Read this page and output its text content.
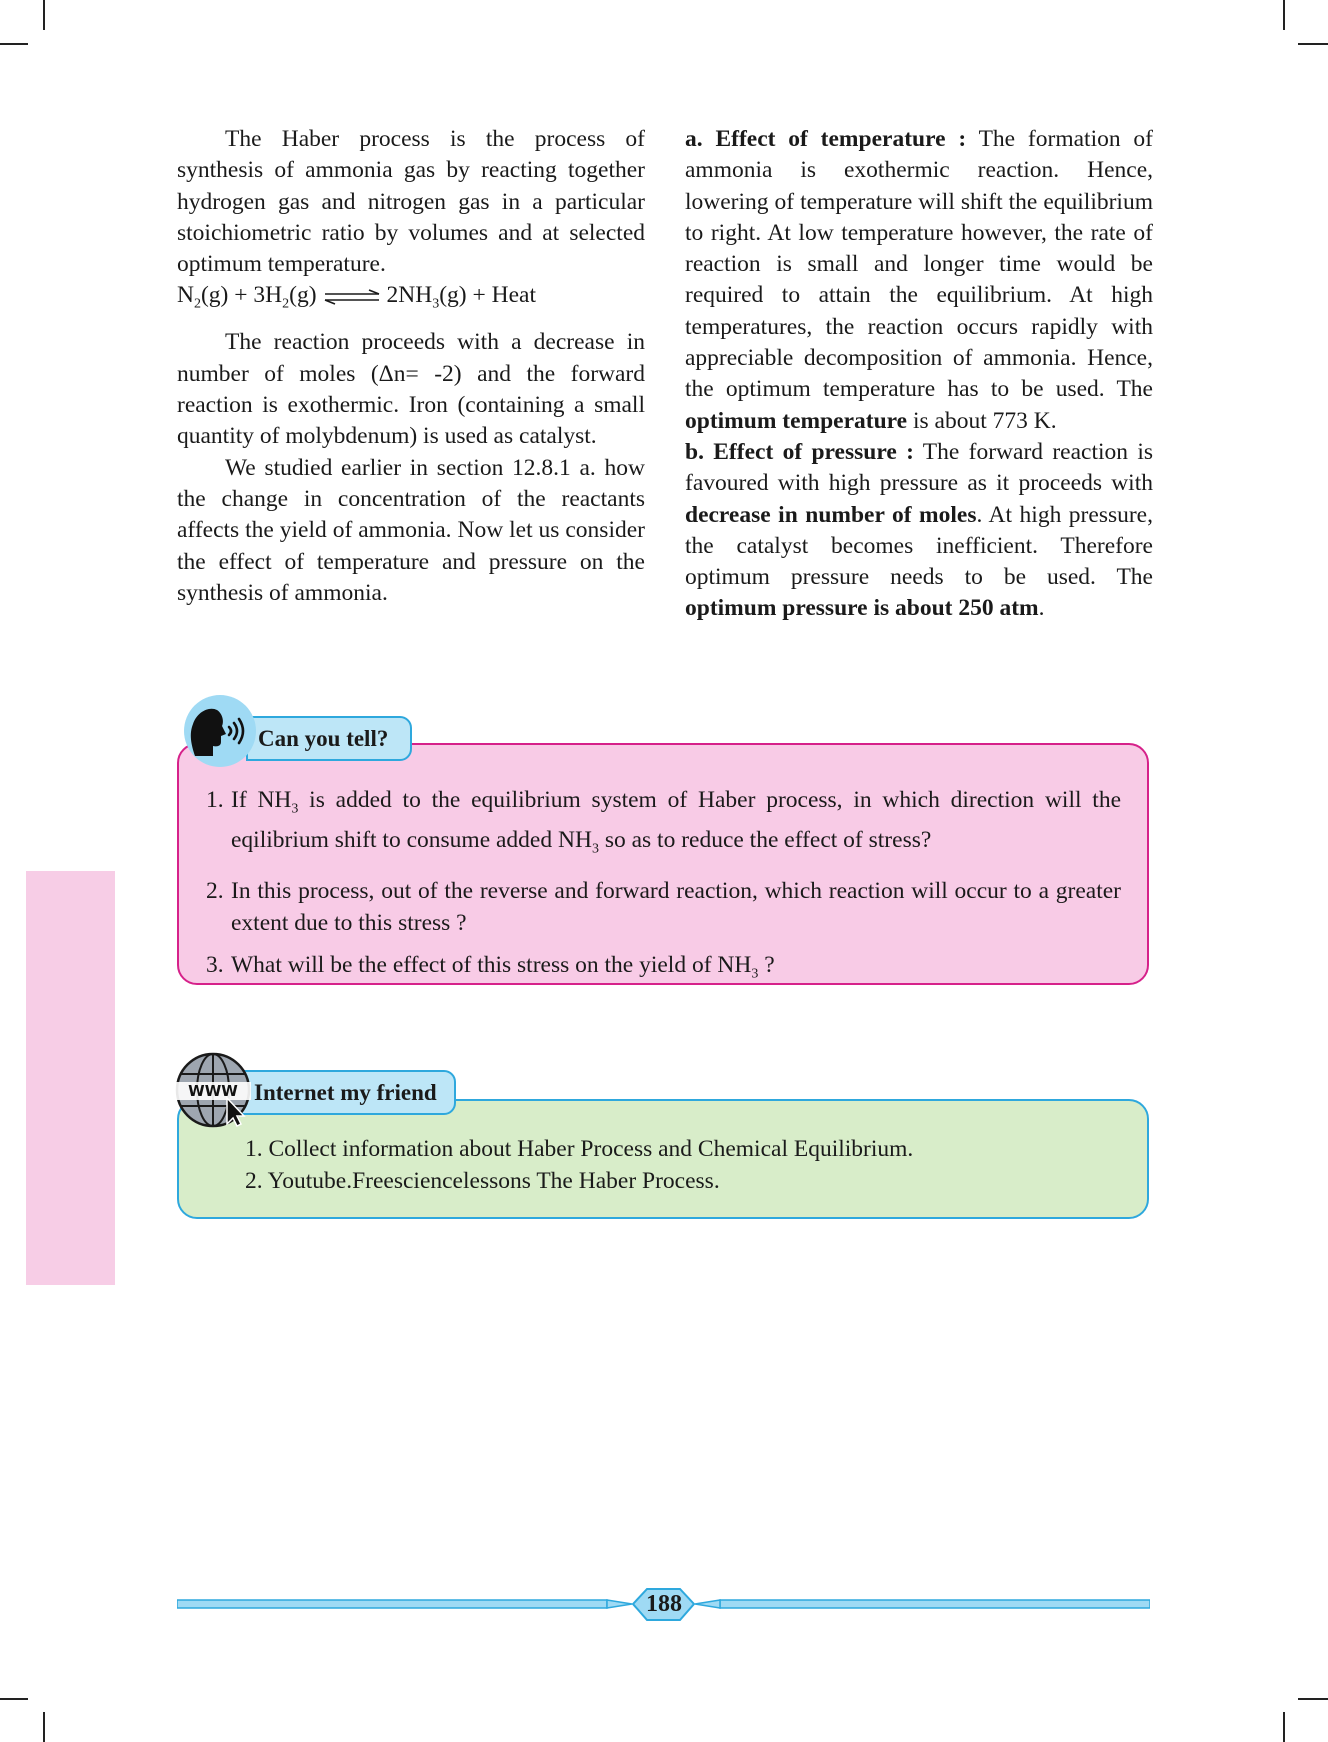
The Haber process is the process of synthesis of ammonia gas by reacting together hydrogen gas and nitrogen gas in a particular stoichiometric ratio by volumes and at selected optimum temperature.

$N_2(g) + 3H_2(g)$ ⇌ $2NH_3(g)$ + Heat

The reaction proceeds with a decrease in number of moles (Δn= -2) and the forward reaction is exothermic. Iron (containing a small quantity of molybdenum) is used as catalyst.

We studied earlier in section 12.8.1 a. how the change in concentration of the reactants affects the yield of ammonia. Now let us consider the effect of temperature and pressure on the synthesis of ammonia.

a. Effect of temperature : The formation of ammonia is exothermic reaction. Hence, lowering of temperature will shift the equilibrium to right. At low temperature however, the rate of reaction is small and longer time would be required to attain the equilibrium. At high temperatures, the reaction occurs rapidly with appreciable decomposition of ammonia. Hence, the optimum temperature has to be used. The optimum temperature is about 773 K.

b. Effect of pressure : The forward reaction is favoured with high pressure as it proceeds with decrease in number of moles. At high pressure, the catalyst becomes inefficient. Therefore optimum pressure needs to be used. The optimum pressure is about 250 atm.

1. If $NH_3$ is added to the equilibrium system of Haber process, in which direction will the eqilibrium shift to consume added $NH_3$ so as to reduce the effect of stress?
2. In this process, out of the reverse and forward reaction, which reaction will occur to a greater extent due to this stress ?
3. What will be the effect of this stress on the yield of $NH_3$ ?
Can you tell?
1. Collect information about Haber Process and Chemical Equilibrium.
2. Youtube.Freesciencelessons The Haber Process.
Internet my friend
WWW
188
